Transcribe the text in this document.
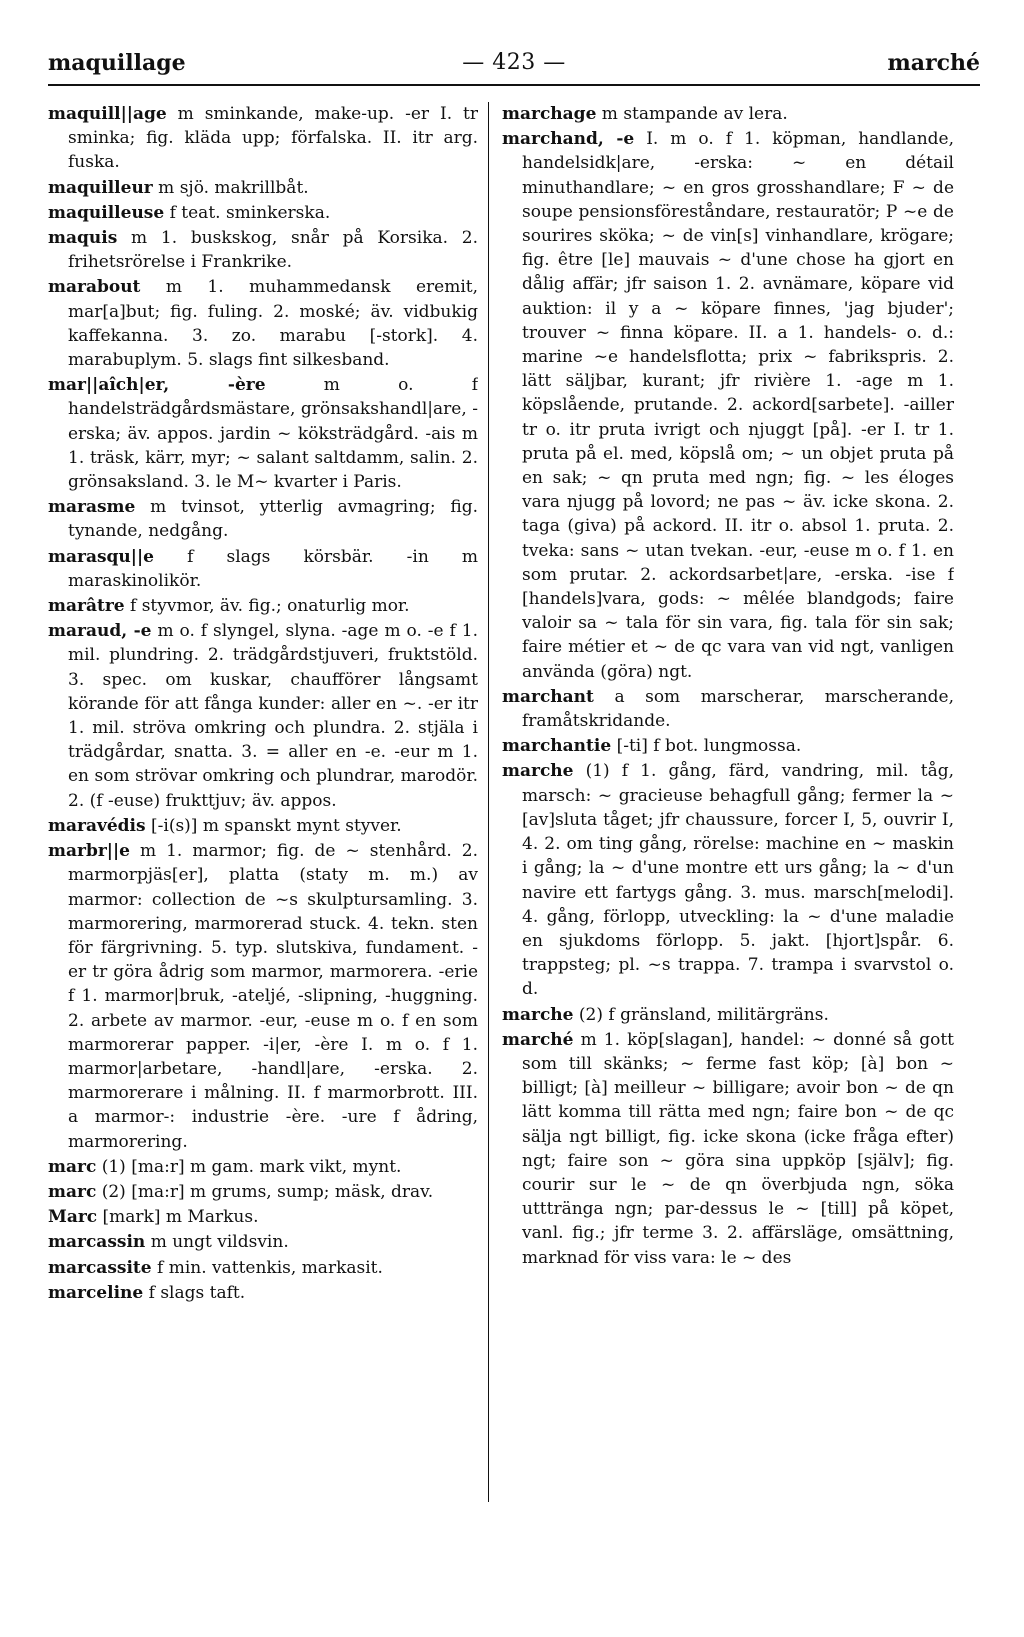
maquillage	— 423 —	marché

maquill||age m sminkande, make-up. -er I. tr sminka; fig. kläda upp; förfalska. II. itr arg. fuska.

maquilleur m sjö. makrillbåt.

maquilleuse f teat. sminkerska.

maquis m 1. buskskog, snår på Korsika. 2. frihetsrörelse i Frankrike.

marabout m 1. muhammedansk eremit, mar[a]but; fig. fuling. 2. moské; äv. vidbukig kaffekanna. 3. zo. marabu [-stork]. 4. marabuplym. 5. slags fint silkesband.

mar||aîch|er, -ère	m o. f handelsträdgårdsmästare, grönsakshandl|are, -erska; äv. appos. jardin ~ köksträdgård. -ais m 1. träsk, kärr, myr; ~ salant saltdamm, salin. 2. grönsaksland. 3. le M~ kvarter i Paris.

marasme m tvinsot, ytterlig avmagring; fig. tynande, nedgång.

marasqu||e f slags körsbär. -in m maraskinolikör.

marâtre f styvmor, äv. fig.; onaturlig mor.

maraud, -e m o. f slyngel, slyna. -age m o. -e f 1. mil. plundring. 2. trädgårdstjuveri, fruktstöld. 3. spec. om kuskar, chaufförer långsamt körande för att fånga kunder: aller en ~. -er itr 1. mil. ströva omkring och plundra. 2. stjäla i trädgårdar, snatta. 3. = aller en -e. -eur m 1. en som strövar omkring och plundrar, marodör. 2. (f -euse) frukttjuv; äv. appos.

maravédis [-i(s)] m spanskt mynt styver.

marbr||e m 1. marmor; fig. de ~ stenhård. 2. marmorpjäs[er], platta (staty m. m.) av marmor: collection de ~s skulptursamling. 3. marmorering, marmorerad stuck. 4. tekn. sten för färgrivning. 5. typ. slutskiva, fundament. -er tr göra ådrig som marmor, marmorera. -erie f 1. marmor|bruk, -ateljé, -slipning, -huggning. 2. arbete av marmor. -eur, -euse m o. f en som marmorerar papper. -i|er, -ère I. m o. f 1. marmor|arbetare, -handl|are, -erska. 2. marmorerare i målning. II. f marmorbrott. III. a marmor-: industrie -ère. -ure f ådring, marmorering.

marc (1) [ma:r] m gam. mark vikt, mynt.

marc (2) [ma:r] m grums, sump; mäsk, drav.

Marc [mark] m Markus.

marcassin m ungt vildsvin.

marcassite f min. vattenkis, markasit.

marceline f slags taft.

marchage m stampande av lera.

marchand, -e I. m o. f 1. köpman, handlande, handelsidk|are, -erska: ~ en détail minuthandlare; ~ en gros grosshandlare; F ~ de soupe pensionsföreståndare, restauratör; P ~e de sourires sköka; ~ de vin[s] vinhandlare, krögare; fig. être [le] mauvais ~ d'une chose ha gjort en dålig affär; jfr saison 1. 2. avnämare, köpare vid auktion: il y a ~ köpare finnes, 'jag bjuder'; trouver ~ finna köpare. II. a 1. handels- o. d.: marine ~e handelsflotta; prix ~ fabrikspris. 2. lätt säljbar, kurant; jfr rivière 1. -age m 1. köpslående, prutande. 2. ackord[sarbete]. -ailler tr o. itr pruta ivrigt och njuggt [på]. -er I. tr 1. pruta på el. med, köpslå om; ~ un objet pruta på en sak; ~ qn pruta med ngn; fig. ~ les éloges vara njugg på lovord; ne pas ~ äv. icke skona. 2. taga (giva) på ackord. II. itr o. absol 1. pruta. 2. tveka: sans ~ utan tvekan. -eur, -euse m o. f 1. en som prutar. 2. ackordsarbet|are, -erska. -ise f [handels]vara, gods: ~ mêlée blandgods; faire valoir sa ~ tala för sin vara, fig. tala för sin sak; faire métier et ~ de qc vara van vid ngt, vanligen använda (göra) ngt.

marchant a som marscherar, marscherande, framåtskridande.

marchantie [-ti] f bot. lungmossa.

marche (1) f 1. gång, färd, vandring, mil. tåg, marsch: ~ gracieuse behagfull gång; fermer la ~ [av]sluta tåget; jfr chaussure, forcer I, 5, ouvrir I, 4. 2. om ting gång, rörelse: machine en ~ maskin i gång; la ~ d'une montre ett urs gång; la ~ d'un navire ett fartygs gång. 3. mus. marsch[melodi]. 4. gång, förlopp, utveckling: la ~ d'une maladie en sjukdoms förlopp. 5. jakt. [hjort]spår. 6. trappsteg; pl. ~s trappa. 7. trampa i svarvstol o. d.

marche (2) f gränsland, militärgräns.

marché m 1. köp[slagan], handel: ~ donné så gott som till skänks; ~ ferme fast köp; [à] bon ~ billigt; [à] meilleur ~ billigare; avoir bon ~ de qn lätt komma till rätta med ngn; faire bon ~ de qc sälja ngt billigt, fig. icke skona (icke fråga efter) ngt; faire son ~ göra sina uppköp [själv]; fig. courir sur le ~ de qn överbjuda ngn, söka utttränga ngn; par-dessus le ~ [till] på köpet, vanl. fig.; jfr terme 3. 2. affärsläge, omsättning, marknad för viss vara: le ~ des
